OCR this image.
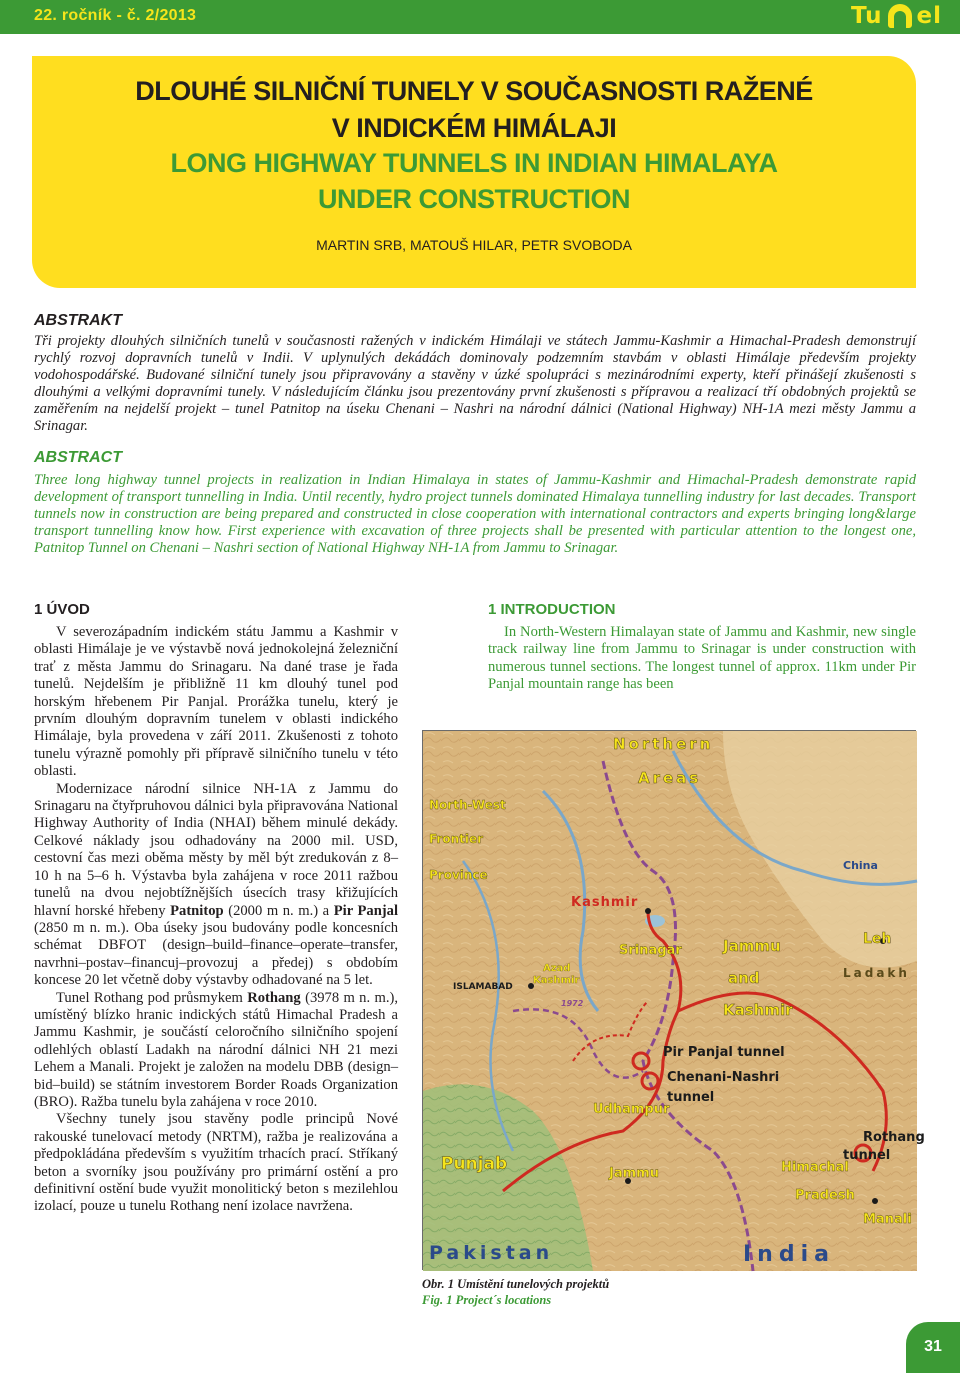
22. ročník - č. 2/2013	Tu el
DLOUHÉ SILNIČNÍ TUNELY V SOUČASNOSTI RAŽENÉ
V INDICKÉM HIMÁLAJI
LONG HIGHWAY TUNNELS IN INDIAN HIMALAYA
UNDER CONSTRUCTION
MARTIN SRB, MATOUŠ HILAR, PETR SVOBODA
ABSTRAKT
Tři projekty dlouhých silničních tunelů v současnosti ražených v indickém Himálaji ve státech Jammu-Kashmir a Himachal-Pradesh demonstrují rychlý rozvoj dopravních tunelů v Indii. V uplynulých dekádách dominovaly podzemním stavbám v oblasti Himálaje především projekty vodohospodářské. Budované silniční tunely jsou připravovány a stavěny v úzké spolupráci s mezinárodními experty, kteří přinášejí zkušenosti s dlouhými a velkými dopravními tunely. V následujícím článku jsou prezentovány první zkušenosti s přípravou a realizací tří obdobných projektů se zaměřením na nejdelší projekt – tunel Patnitop na úseku Chenani – Nashri na národní dálnici (National Highway) NH-1A mezi městy Jammu a Srinagar.
ABSTRACT
Three long highway tunnel projects in realization in Indian Himalaya in states of Jammu-Kashmir and Himachal-Pradesh demonstrate rapid development of transport tunnelling in India. Until recently, hydro project tunnels dominated Himalaya tunnelling industry for last decades. Transport tunnels now in construction are being prepared and constructed in close cooperation with international contractors and experts bringing long&large transport tunnelling know how. First experience with excavation of three projects shall be presented with particular attention to the longest one, Patnitop Tunnel on Chenani – Nashri section of National Highway NH-1A from Jammu to Srinagar.
1 ÚVOD	1 INTRODUCTION

V severozápadním indickém státu Jammu a Kashmir v oblasti Himálaje je ve výstavbě nová jednokolejná železniční trať z města Jammu do Srinagaru. Na dané trase je řada tunelů. Nejdelším je přibližně 11 km dlouhý tunel pod horským hřebenem Pir Panjal. Prorážka tunelu, který je prvním dlouhým dopravním tunelem v oblasti indického Himálaje, byla provedena v září 2011. Zkušenosti z tohoto tunelu výrazně pomohly při přípravě silničního tunelu v této oblasti.

Modernizace národní silnice NH-1A z Jammu do Srinagaru na čtyřpruhovou dálnici byla připravována National Highway Authority of India (NHAI) během minulé dekády. Celkové náklady jsou odhadovány na 2000 mil. USD, cestovní čas mezi oběma městy by měl být zredukován z 8–10 h na 5–6 h. Výstavba byla zahájena v roce 2011 ražbou tunelů na dvou nejobtížnějších úsecích trasy křižujících hlavní horské hřebeny Patnitop (2000 m n. m.) a Pir Panjal (2850 m n. m.). Oba úseky jsou budovány podle koncesních schémat DBFOT (design–build–finance–operate–transfer, navrhni–postav–financuj–provozuj a předej) s obdobím koncese 20 let včetně doby výstavby odhadované na 5 let.

Tunel Rothang pod průsmykem Rothang (3978 m n. m.), umístěný blízko hranic indických států Himachal Pradesh a Jammu Kashmir, je součástí celoročního silničního spojení odlehlých oblastí Ladakh na národní dálnici NH 21 mezi Lehem a Manali. Projekt je založen na modelu DBB (design–bid–build) se státním investorem Border Roads Organization (BRO). Ražba tunelu byla zahájena v roce 2010.

Všechny tunely jsou stavěny podle principů Nové rakouské tunelovací metody (NRTM), ražba je realizována a předpokládána především s využitím trhacích prací. Stříkaný beton a svorníky jsou používány pro primární ostění a pro definitivní ostění bude využit monolitický beton s mezilehlou izolací, pouze u tunelu Rothang není izolace navržena.

In North-Western Himalayan state of Jammu and Kashmir, new single track railway line from Jammu to Srinagar is under construction with numerous tunnel sections. The longest tunnel of approx. 11km under Pir Panjal mountain range has been
Northern
Areas
North-West
Frontier
Province
China
Kashmir
Srinagar	Jammu
and
Kashmir
Leh
Ladakh
ISLAMABAD
Azad
Kashmir
1972
Pir Panjal tunnel
Chenani-Nashri
tunnel
Udhampur
Jammu
Punjab
Rothang
tunnel
Himachal
Pradesh
Manali
Pakistan	India
Obr. 1 Umístění tunelových projektů
Fig. 1 Project´s locations
31
